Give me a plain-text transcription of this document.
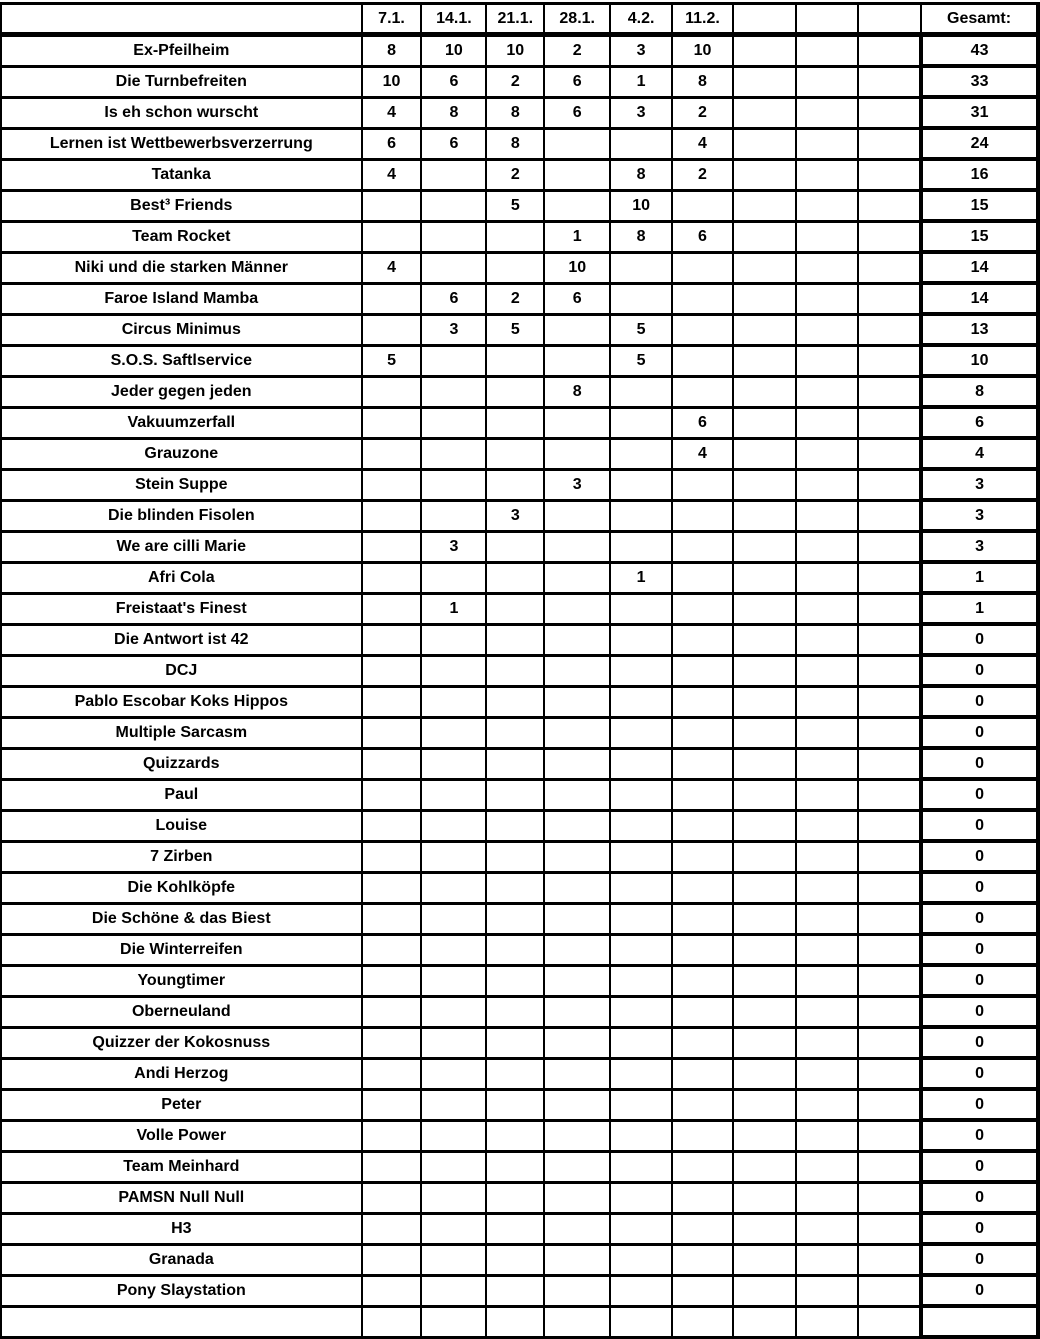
	7.1.	14.1.	21.1.	28.1.	4.2.	11.2.				Gesamt:
Ex-Pfeilheim	8	10	10	2	3	10				43
Die Turnbefreiten	10	6	2	6	1	8				33
Is eh schon wurscht	4	8	8	6	3	2				31
Lernen ist Wettbewerbsverzerrung	6	6	8			4				24
Tatanka	4		2		8	2				16
Best³ Friends			5		10					15
Team Rocket				1	8	6				15
Niki und die starken Männer	4			10						14
Faroe Island Mamba		6	2	6						14
Circus Minimus		3	5		5					13
S.O.S. Saftlservice	5				5					10
Jeder gegen jeden				8						8
Vakuumzerfall						6				6
Grauzone						4				4
Stein Suppe				3						3
Die blinden Fisolen			3							3
We are cilli Marie		3								3
Afri Cola					1					1
Freistaat's Finest		1								1
Die Antwort ist 42										0
DCJ										0
Pablo Escobar Koks Hippos										0
Multiple Sarcasm										0
Quizzards										0
Paul										0
Louise										0
7 Zirben										0
Die Kohlköpfe										0
Die Schöne & das Biest										0
Die Winterreifen										0
Youngtimer										0
Oberneuland										0
Quizzer der Kokosnuss										0
Andi Herzog										0
Peter										0
Volle Power										0
Team Meinhard										0
PAMSN Null Null										0
H3										0
Granada										0
Pony Slaystation										0
